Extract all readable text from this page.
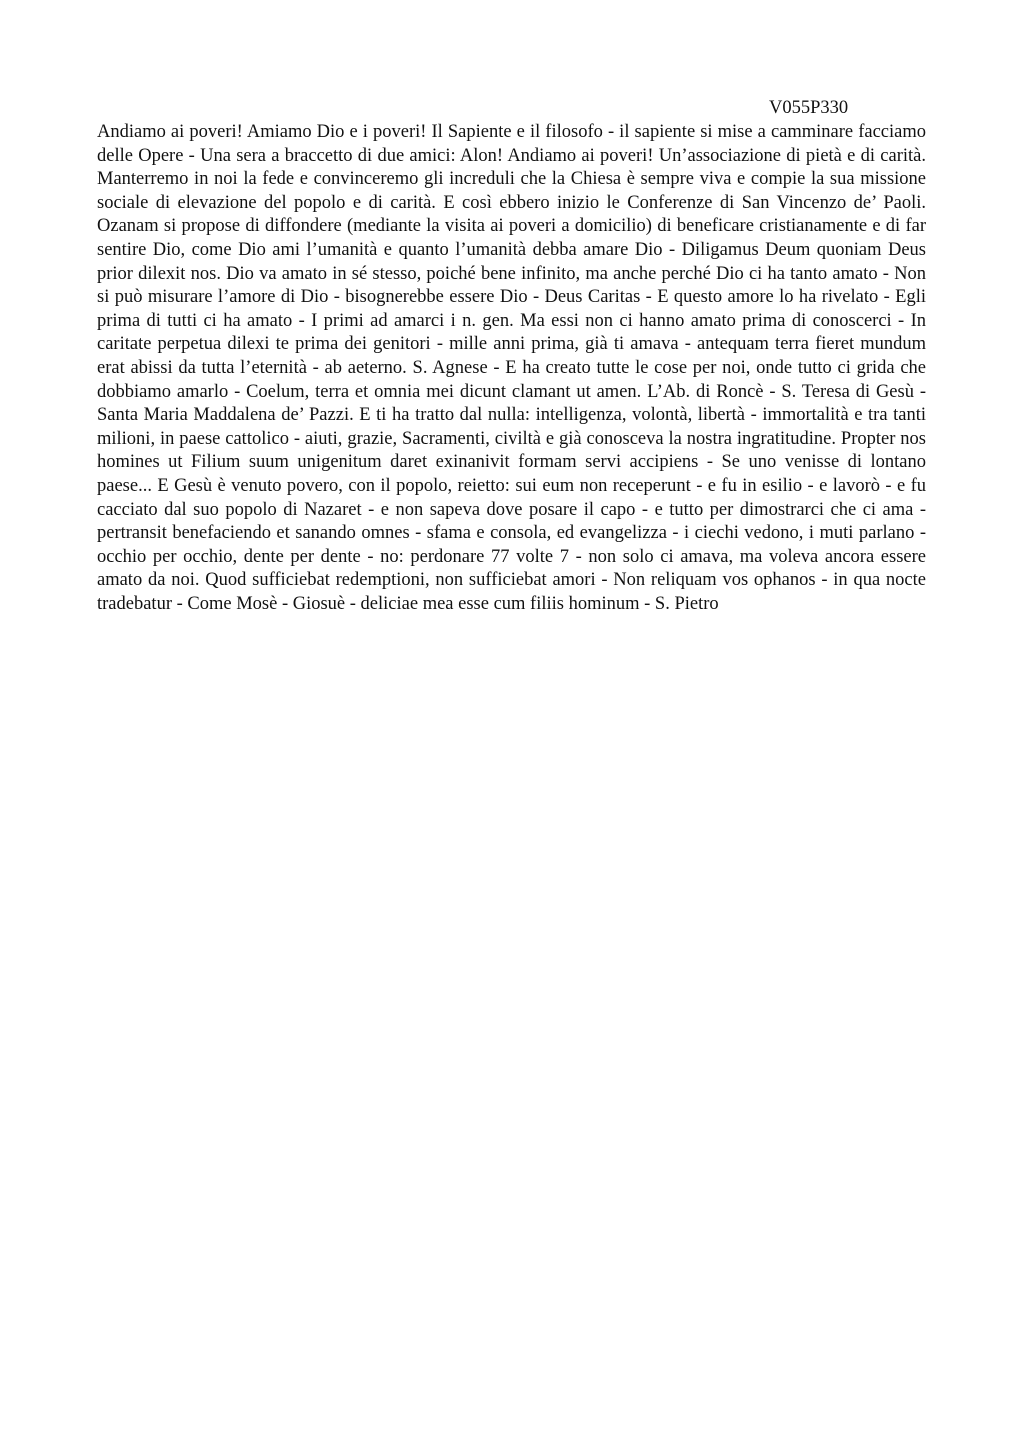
V055P330

Andiamo ai poveri! Amiamo Dio e i poveri! Il Sapiente e il filosofo - il sapiente si mise a camminare facciamo delle Opere - Una sera a braccetto di due amici: Alon! Andiamo ai poveri! Un’associazione di pietà e di carità. Manterremo in noi la fede e convinceremo gli increduli che la Chiesa è sempre viva e compie la sua missione sociale di elevazione del popolo e di carità. E così ebbero inizio le Conferenze di San Vincenzo de’ Paoli. Ozanam si propose di diffondere (mediante la visita ai poveri a domicilio) di beneficare cristianamente e di far sentire Dio, come Dio ami l’umanità e quanto l’umanità debba amare Dio - Diligamus Deum quoniam Deus prior dilexit nos. Dio va amato in sé stesso, poiché bene infinito, ma anche perché Dio ci ha tanto amato - Non si può misurare l’amore di Dio - bisognerebbe essere Dio - Deus Caritas - E questo amore lo ha rivelato - Egli prima di tutti ci ha amato - I primi ad amarci i n. gen. Ma essi non ci hanno amato prima di conoscerci - In caritate perpetua dilexi te prima dei genitori - mille anni prima, già ti amava - antequam terra fieret mundum erat abissi da tutta l’eternità - ab aeterno. S. Agnese - E ha creato tutte le cose per noi, onde tutto ci grida che dobbiamo amarlo - Coelum, terra et omnia mei dicunt clamant ut amen. L’Ab. di Roncè - S. Teresa di Gesù - Santa Maria Maddalena de’ Pazzi. E ti ha tratto dal nulla: intelligenza, volontà, libertà - immortalità e tra tanti milioni, in paese cattolico - aiuti, grazie, Sacramenti, civiltà e già conosceva la nostra ingratitudine. Propter nos homines ut Filium suum unigenitum daret exinanivit formam servi accipiens - Se uno venisse di lontano paese... E Gesù è venuto povero, con il popolo, reietto: sui eum non receperunt - e fu in esilio - e lavorò - e fu cacciato dal suo popolo di Nazaret - e non sapeva dove posare il capo - e tutto per dimostrarci che ci ama - pertransit benefaciendo et sanando omnes - sfama e consola, ed evangelizza - i ciechi vedono, i muti parlano - occhio per occhio, dente per dente - no: perdonare 77 volte 7 - non solo ci amava, ma voleva ancora essere amato da noi. Quod sufficiebat redemptioni, non sufficiebat amori - Non reliquam vos ophanos - in qua nocte tradebatur - Come Mosè - Giosuè - deliciae mea esse cum filiis hominum - S. Pietro
